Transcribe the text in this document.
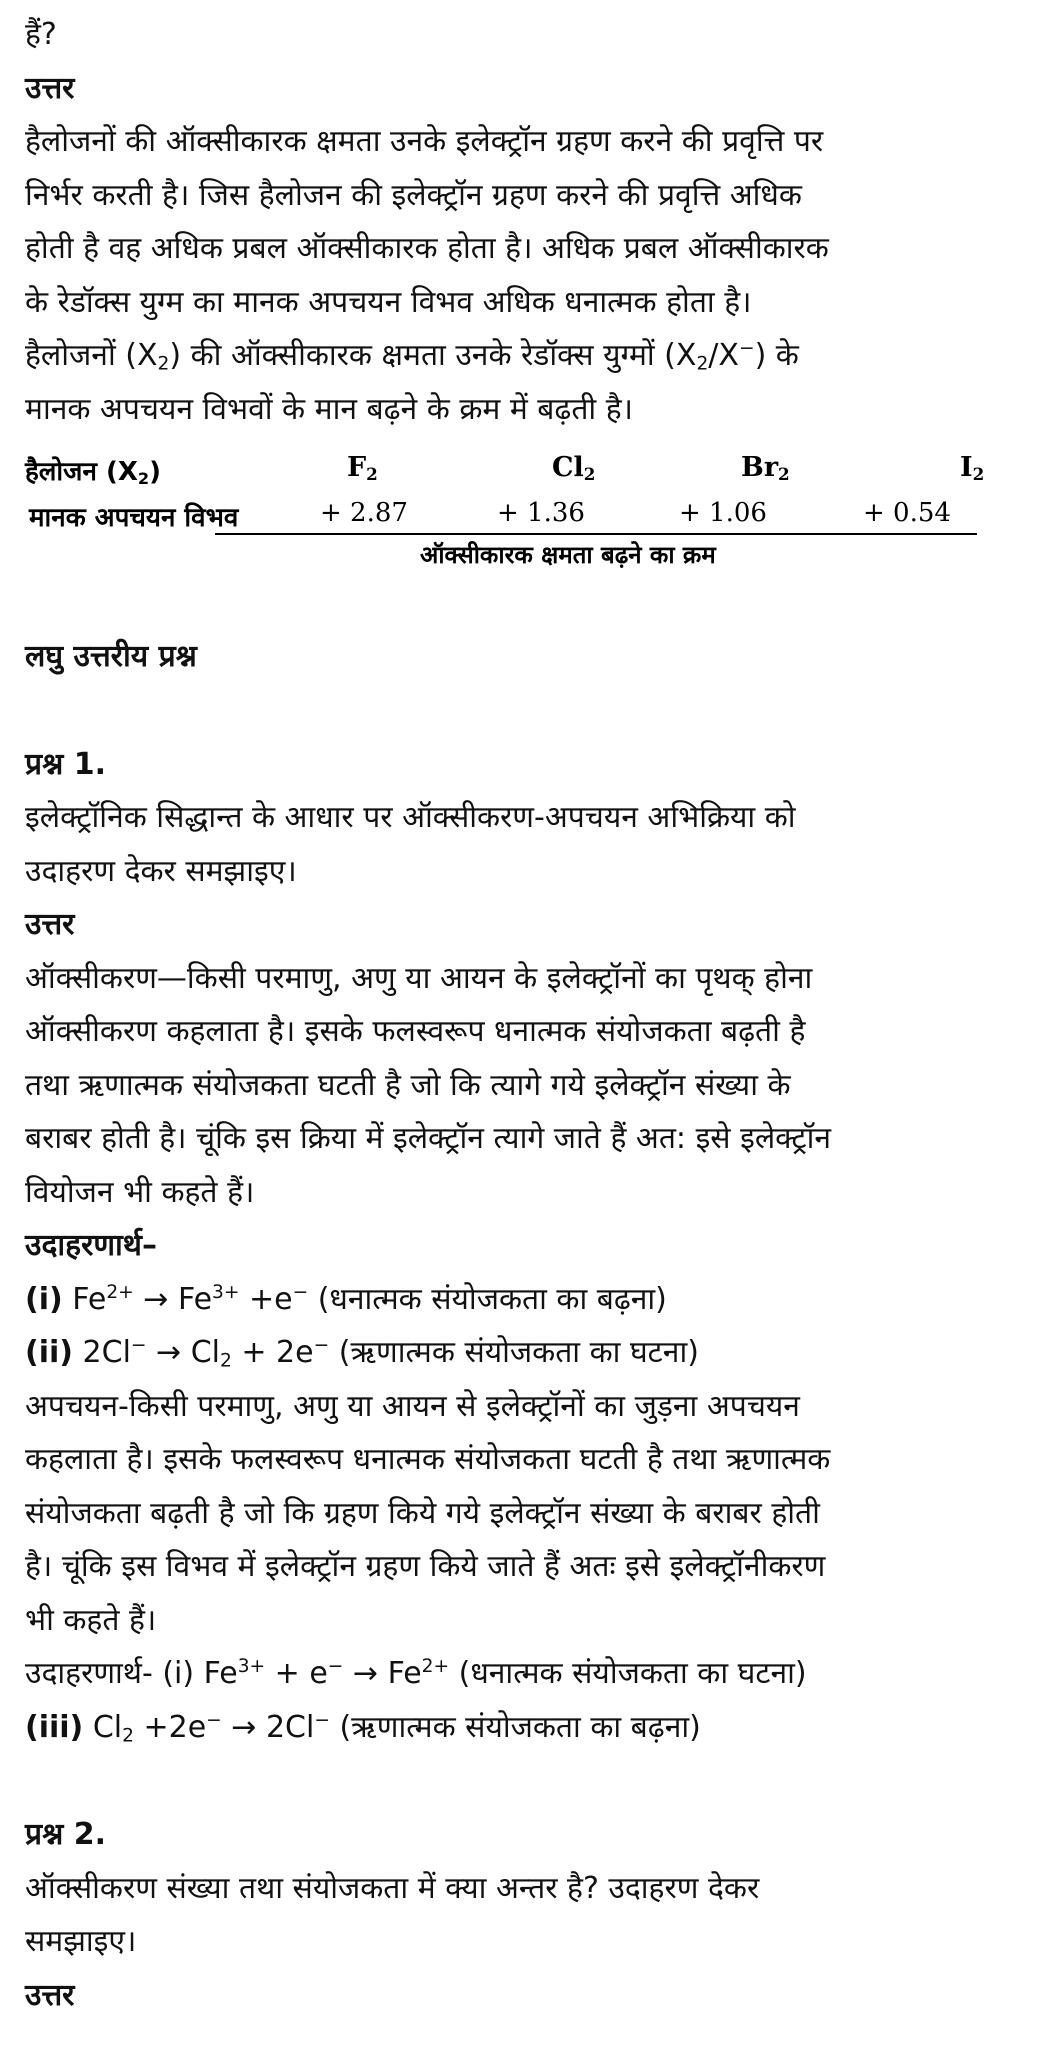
हैं?
उत्तर
हैलोजनों की ऑक्सीकारक क्षमता उनके इलेक्ट्रॉन ग्रहण करने की प्रवृत्ति पर
निर्भर करती है। जिस हैलोजन की इलेक्ट्रॉन ग्रहण करने की प्रवृत्ति अधिक
होती है वह अधिक प्रबल ऑक्सीकारक होता है। अधिक प्रबल ऑक्सीकारक
के रेडॉक्स युग्म का मानक अपचयन विभव अधिक धनात्मक होता है।
हैलोजनों $(X_2)$ की ऑक्सीकारक क्षमता उनके रेडॉक्स युग्मों $(X_2/X^-)$ के
मानक अपचयन विभवों के मान बढ़ने के क्रम में बढ़ती है।
हैलोजन $(X_2)$	$F_2$	$Cl_2$	$Br_2$	$I_2$
मानक अपचयन विभव	+ 2.87	+ 1.36	+ 1.06	+ 0.54
ऑक्सीकारक क्षमता बढ़ने का क्रम
लघु उत्तरीय प्रश्न
प्रश्न 1.
इलेक्ट्रॉनिक सिद्धान्त के आधार पर ऑक्सीकरण-अपचयन अभिक्रिया को
उदाहरण देकर समझाइए।
उत्तर
ऑक्सीकरण—किसी परमाणु, अणु या आयन के इलेक्ट्रॉनों का पृथक् होना
ऑक्सीकरण कहलाता है। इसके फलस्वरूप धनात्मक संयोजकता बढ़ती है
तथा ऋणात्मक संयोजकता घटती है जो कि त्यागे गये इलेक्ट्रॉन संख्या के
बराबर होती है। चूंकि इस क्रिया में इलेक्ट्रॉन त्यागे जाते हैं अत: इसे इलेक्ट्रॉन
वियोजन भी कहते हैं।
उदाहरणार्थ–
(i) $Fe^{2+} \to Fe^{3+} +e^-$ (धनात्मक संयोजकता का बढ़ना)
(ii) $2Cl^- \to Cl_2 + 2e^-$ (ऋणात्मक संयोजकता का घटना)
अपचयन-किसी परमाणु, अणु या आयन से इलेक्ट्रॉनों का जुड़ना अपचयन
कहलाता है। इसके फलस्वरूप धनात्मक संयोजकता घटती है तथा ऋणात्मक
संयोजकता बढ़ती है जो कि ग्रहण किये गये इलेक्ट्रॉन संख्या के बराबर होती
है। चूंकि इस विभव में इलेक्ट्रॉन ग्रहण किये जाते हैं अतः इसे इलेक्ट्रॉनीकरण
भी कहते हैं।
उदाहरणार्थ- (i) $Fe^{3+} + e^- \to Fe^{2+}$ (धनात्मक संयोजकता का घटना)
(iii) $Cl_2 +2e^- \to 2Cl^-$ (ऋणात्मक संयोजकता का बढ़ना)
प्रश्न 2.
ऑक्सीकरण संख्या तथा संयोजकता में क्या अन्तर है? उदाहरण देकर
समझाइए।
उत्तर
